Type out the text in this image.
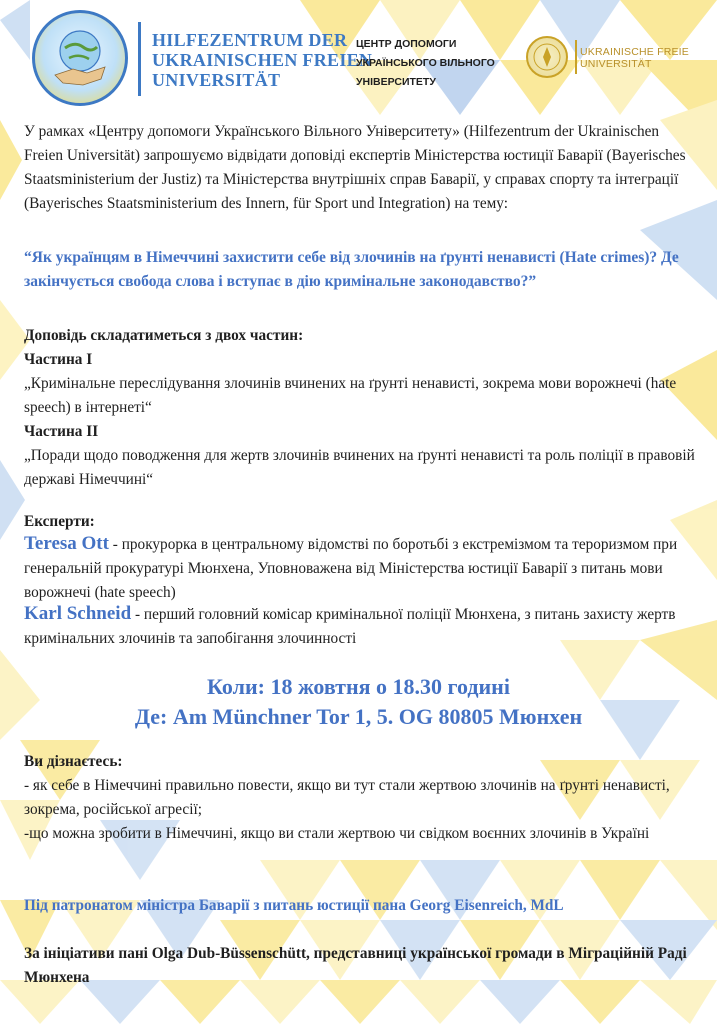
HILFEZENTRUM DER UKRAINISCHEN FREIEN UNIVERSITÄT
ЦЕНТР ДОПОМОГИ УКРАЇНСЬКОГО ВІЛЬНОГО УНІВЕРСИТЕТУ
UKRAINISCHE FREIE UNIVERSITÄT
У рамках «Центру допомоги Українського Вільного Університету» (Hilfezentrum der Ukrainischen Freien Universität) запрошуємо відвідати доповіді експертів Міністерства юстиції Баварії (Bayerisches Staatsministerium der Justiz) та Міністерства внутрішніх справ Баварії, у справах спорту та інтеграції (Bayerisches Staatsministerium des Innern, für Sport und Integration) на тему:
“Як українцям в Німеччині захистити себе від злочинів на ґрунті ненависті (Hate crimes)? Де закінчується свобода слова і вступає в дію кримінальне законодавство?”
Доповідь складатиметься з двох частин:
Частина I
„Кримінальне переслідування злочинів вчинених на ґрунті ненависті, зокрема мови ворожнечі (hate speech) в інтернеті“
Частина II
„Поради щодо поводження для жертв злочинів вчинених на ґрунті ненависті та роль поліції в правовій державі Німеччині“
Експерти:
Teresa Ott - прокурорка в центральному відомстві по боротьбі з екстремізмом та тероризмом при генеральній прокуратурі Мюнхена, Уповноважена від Міністерства юстиції Баварії з питань мови ворожнечі (hate speech)
Karl Schneid - перший головний комісар кримінальної поліції Мюнхена, з питань захисту жертв кримінальних злочинів та запобігання злочинності
Коли: 18 жовтня о 18.30 годині
Де: Am Münchner Tor 1, 5. OG 80805 Мюнхен
Ви дізнаєтесь:
- як себе в Німеччині правильно повести, якщо ви тут стали жертвою злочинів на ґрунті ненависті, зокрема, російської агресії;
-що можна зробити в Німеччині, якщо ви стали жертвою чи свідком воєнних злочинів в Україні
Під патронатом міністра Баварії з питань юстиції пана Georg Eisenreich, MdL
За ініціативи пані Olga Dub-Büssenschütt, представниці української громади в Міграційній Раді Мюнхена
